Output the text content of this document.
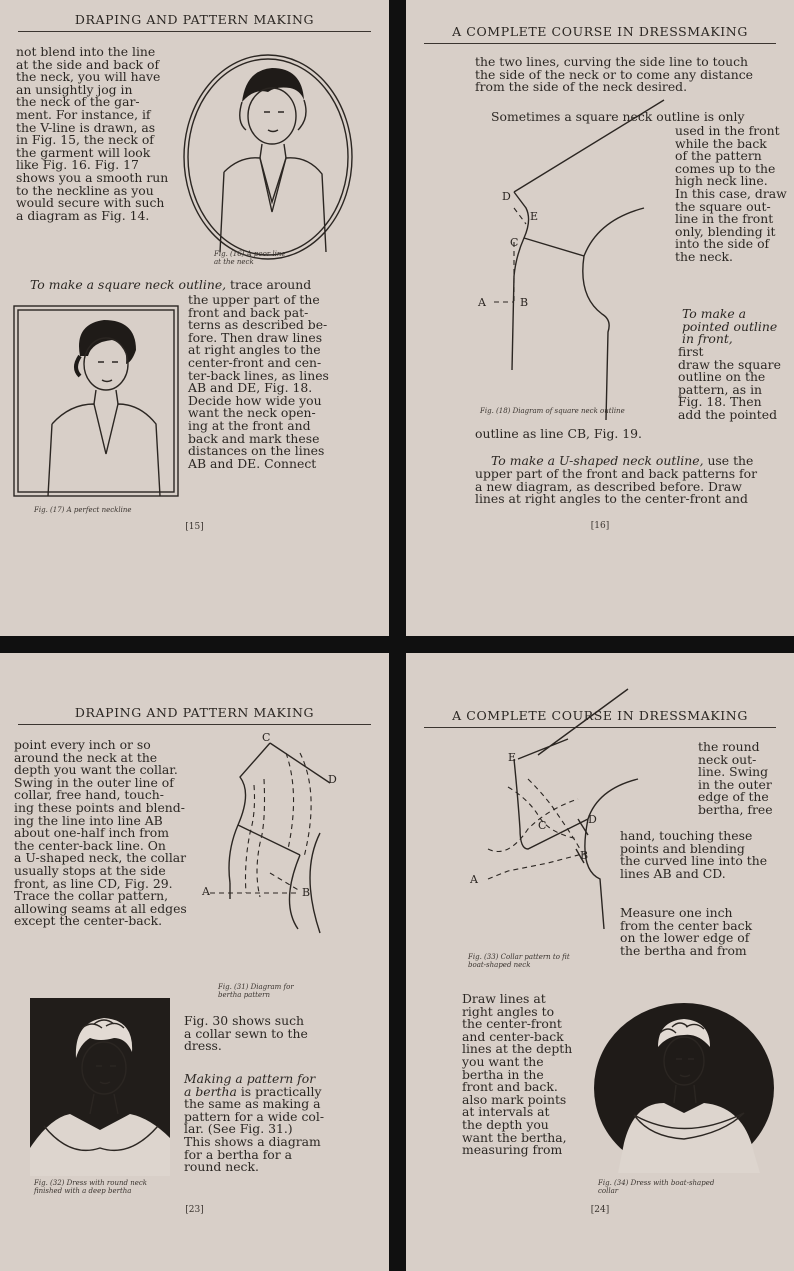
DRAPING AND PATTERN MAKING
not blend into the line
at the side and back of
the neck, you will have
an unsightly jog in
the neck of the gar-
ment. For instance, if
the V-line is drawn, as
in Fig. 15, the neck of
the garment will look
like Fig. 16. Fig. 17
shows you a smooth run
to the neckline as you
would secure with such
a diagram as Fig. 14.
Fig. (16) A poor line
at the neck
To make a square neck outline, trace around
the upper part of the
front and back pat-
terns as described be-
fore. Then draw lines
at right angles to the
center-front and cen-
ter-back lines, as lines
AB and DE, Fig. 18.
Decide how wide you
want the neck open-
ing at the front and
back and mark these
distances on the lines
AB and DE. Connect
Fig. (17) A perfect neckline
[15]
A COMPLETE COURSE IN DRESSMAKING
the two lines, curving the side line to touch
the side of the neck or to come any distance
from the side of the neck desired.
Sometimes a square neck outline is only
used in the front
while the back
of the pattern
comes up to the
high neck line.
In this case, draw
the square out-
line in the front
only, blending it
into the side of
the neck.
D
E
C
A	B
To make a
pointed outline
in front,
first
draw the square
outline on the
pattern, as in
Fig. 18. Then
add the pointed
Fig. (18) Diagram of square neck outline
outline as line CB, Fig. 19.
To make a U-shaped neck outline, use the
upper part of the front and back patterns for
a new diagram, as described before. Draw
lines at right angles to the center-front and
[16]
DRAPING AND PATTERN MAKING
point every inch or so
around the neck at the
depth you want the collar.
Swing in the outer line of
collar, free hand, touch-
ing these points and blend-
ing the line into line AB
about one-half inch from
the center-back line. On
a U-shaped neck, the collar
usually stops at the side
front, as line CD, Fig. 29.
Trace the collar pattern,
allowing seams at all edges
except the center-back.
C
D
A	B
Fig. (31) Diagram for
bertha pattern
Fig. 30 shows such
a collar sewn to the
dress.
Making a pattern for
a bertha is practically
the same as making a
pattern for a wide col-
lar. (See Fig. 31.)
This shows a diagram
for a bertha for a
round neck.
Fig. (32) Dress with round neck
finished with a deep bertha
[23]
A COMPLETE COURSE IN DRESSMAKING
E
D
C
B
A
the round
neck out-
line. Swing
in the outer
edge of the
bertha, free
hand, touching these
points and blending
the curved line into the
lines AB and CD.
Measure one inch
from the center back
on the lower edge of
the bertha and from
Fig. (33) Collar pattern to fit
boat-shaped neck
Draw lines at
right angles to
the center-front
and center-back
lines at the depth
you want the
bertha in the
front and back.
also mark points
at intervals at
the depth you
want the bertha,
measuring from
Fig. (34) Dress with boat-shaped
collar
[24]
